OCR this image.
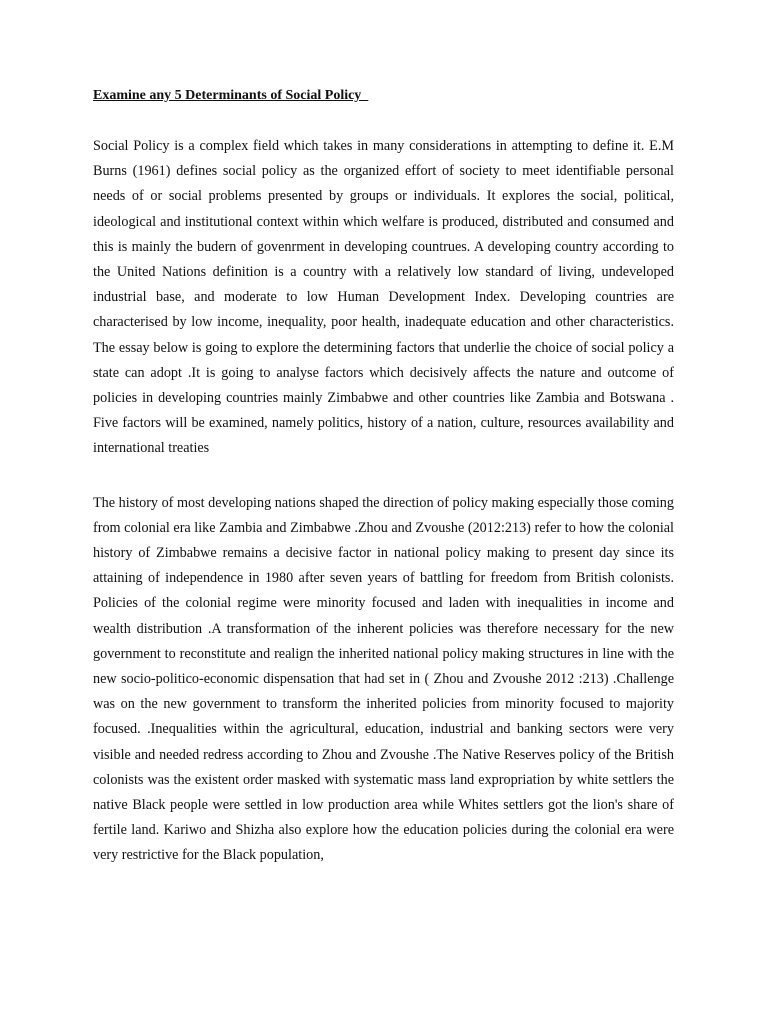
Examine any 5 Determinants of Social Policy

Social Policy is a complex field which takes in many considerations in attempting to define it. E.M Burns (1961) defines social policy as the organized effort of society to meet identifiable personal needs of or social problems presented by groups or individuals. It explores the social, political, ideological and institutional context within which welfare is produced, distributed and consumed and this is mainly the budern of govenrment in developing countrues. A developing country according to the United Nations definition is a country with a relatively low standard of living, undeveloped industrial base, and moderate to low Human Development Index. Developing countries are characterised by low income, inequality, poor health, inadequate education and other characteristics. The essay below is going to explore the determining factors that underlie the choice of social policy a state can adopt .It is going to analyse factors which decisively affects the nature and outcome of policies in developing countries mainly Zimbabwe and other countries like Zambia and Botswana . Five factors will be examined, namely politics, history of a nation, culture, resources availability and international treaties

The history of most developing nations shaped the direction of policy making especially those coming from colonial era like Zambia and Zimbabwe .Zhou and Zvoushe (2012:213) refer to how the colonial history of Zimbabwe remains a decisive factor in national policy making to present day since its attaining of independence in 1980 after seven years of battling for freedom from British colonists. Policies of the colonial regime were minority focused and laden with inequalities in income and wealth distribution .A transformation of the inherent policies was therefore necessary for the new government to reconstitute and realign the inherited national policy making structures in line with the new socio-politico-economic dispensation that had set in ( Zhou and Zvoushe 2012 :213) .Challenge was on the new government to transform the inherited policies from minority focused to majority focused. .Inequalities within the agricultural, education, industrial and banking sectors were very visible and needed redress according to Zhou and Zvoushe .The Native Reserves policy of the British colonists was the existent order masked with systematic mass land expropriation by white settlers the native Black people were settled in low production area while Whites settlers got the lion's share of fertile land. Kariwo and Shizha also explore how the education policies during the colonial era were very restrictive for the Black population,
